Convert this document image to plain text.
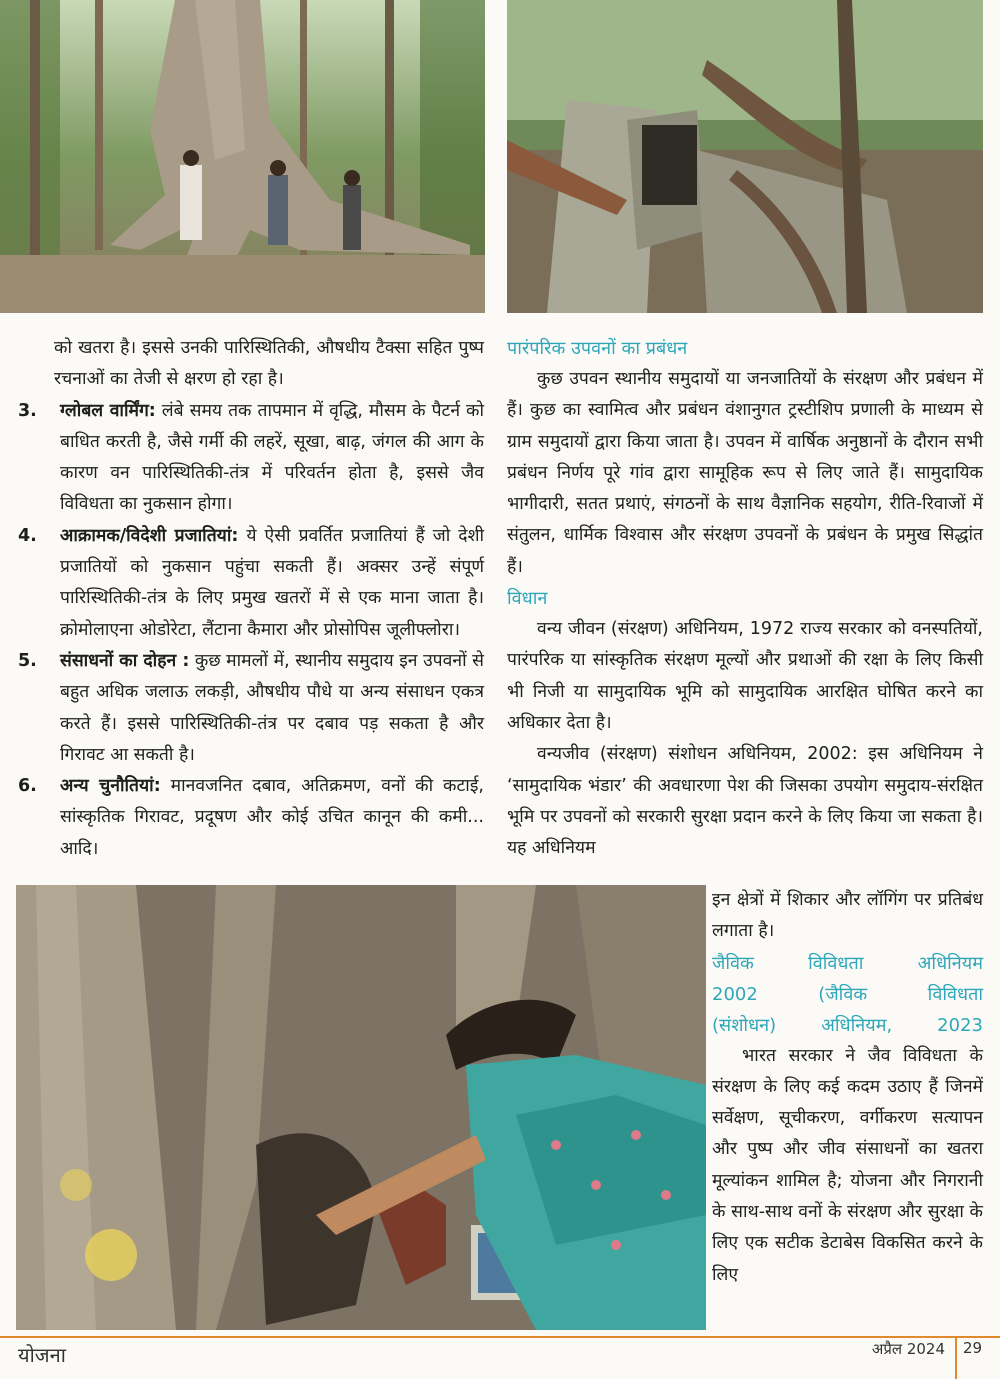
को खतरा है। इससे उनकी पारिस्थितिकी, औषधीय टैक्सा सहित पुष्प रचनाओं का तेजी से क्षरण हो रहा है।

3. ग्लोबल वार्मिंग: लंबे समय तक तापमान में वृद्धि, मौसम के पैटर्न को बाधित करती है, जैसे गर्मी की लहरें, सूखा, बाढ़, जंगल की आग के कारण वन पारिस्थितिकी-तंत्र में परिवर्तन होता है, इससे जैव विविधता का नुकसान होगा।
4. आक्रामक/विदेशी प्रजातियां: ये ऐसी प्रवर्तित प्रजातियां हैं जो देशी प्रजातियों को नुकसान पहुंचा सकती हैं। अक्सर उन्हें संपूर्ण पारिस्थितिकी-तंत्र के लिए प्रमुख खतरों में से एक माना जाता है। क्रोमोलाएना ओडोरेटा, लैंटाना कैमारा और प्रोसोपिस जूलीफ्लोरा।
5. संसाधनों का दोहन : कुछ मामलों में, स्थानीय समुदाय इन उपवनों से बहुत अधिक जलाऊ लकड़ी, औषधीय पौधे या अन्य संसाधन एकत्र करते हैं। इससे पारिस्थितिकी-तंत्र पर दबाव पड़ सकता है और गिरावट आ सकती है।
6. अन्य चुनौतियां: मानवजनित दबाव, अतिक्रमण, वनों की कटाई, सांस्कृतिक गिरावट, प्रदूषण और कोई उचित कानून की कमी... आदि।
पारंपरिक उपवनों का प्रबंधन

कुछ उपवन स्थानीय समुदायों या जनजातियों के संरक्षण और प्रबंधन में हैं। कुछ का स्वामित्व और प्रबंधन वंशानुगत ट्रस्टीशिप प्रणाली के माध्यम से ग्राम समुदायों द्वारा किया जाता है। उपवन में वार्षिक अनुष्ठानों के दौरान सभी प्रबंधन निर्णय पूरे गांव द्वारा सामूहिक रूप से लिए जाते हैं। सामुदायिक भागीदारी, सतत प्रथाएं, संगठनों के साथ वैज्ञानिक सहयोग, रीति-रिवाजों में संतुलन, धार्मिक विश्वास और संरक्षण उपवनों के प्रबंधन के प्रमुख सिद्धांत हैं।

विधान

वन्य जीवन (संरक्षण) अधिनियम, 1972 राज्य सरकार को वनस्पतियों, पारंपरिक या सांस्कृतिक संरक्षण मूल्यों और प्रथाओं की रक्षा के लिए किसी भी निजी या सामुदायिक भूमि को सामुदायिक आरक्षित घोषित करने का अधिकार देता है।

वन्यजीव (संरक्षण) संशोधन अधिनियम, 2002: इस अधिनियम ने ‘सामुदायिक भंडार’ की अवधारणा पेश की जिसका उपयोग समुदाय-संरक्षित भूमि पर उपवनों को सरकारी सुरक्षा प्रदान करने के लिए किया जा सकता है। यह अधिनियम

इन क्षेत्रों में शिकार और लॉगिंग पर प्रतिबंध लगाता है।

जैविक विविधता अधिनियम
2002 (जैविक विविधता
(संशोधन) अधिनियम, 2023

भारत सरकार ने जैव विविधता के संरक्षण के लिए कई कदम उठाए हैं जिनमें सर्वेक्षण, सूचीकरण, वर्गीकरण सत्यापन और पुष्प और जीव संसाधनों का खतरा मूल्यांकन शामिल है; योजना और निगरानी के साथ-साथ वनों के संरक्षण और सुरक्षा के लिए एक सटीक डेटाबेस विकसित करने के लिए

योजना	अप्रैल 2024 29
